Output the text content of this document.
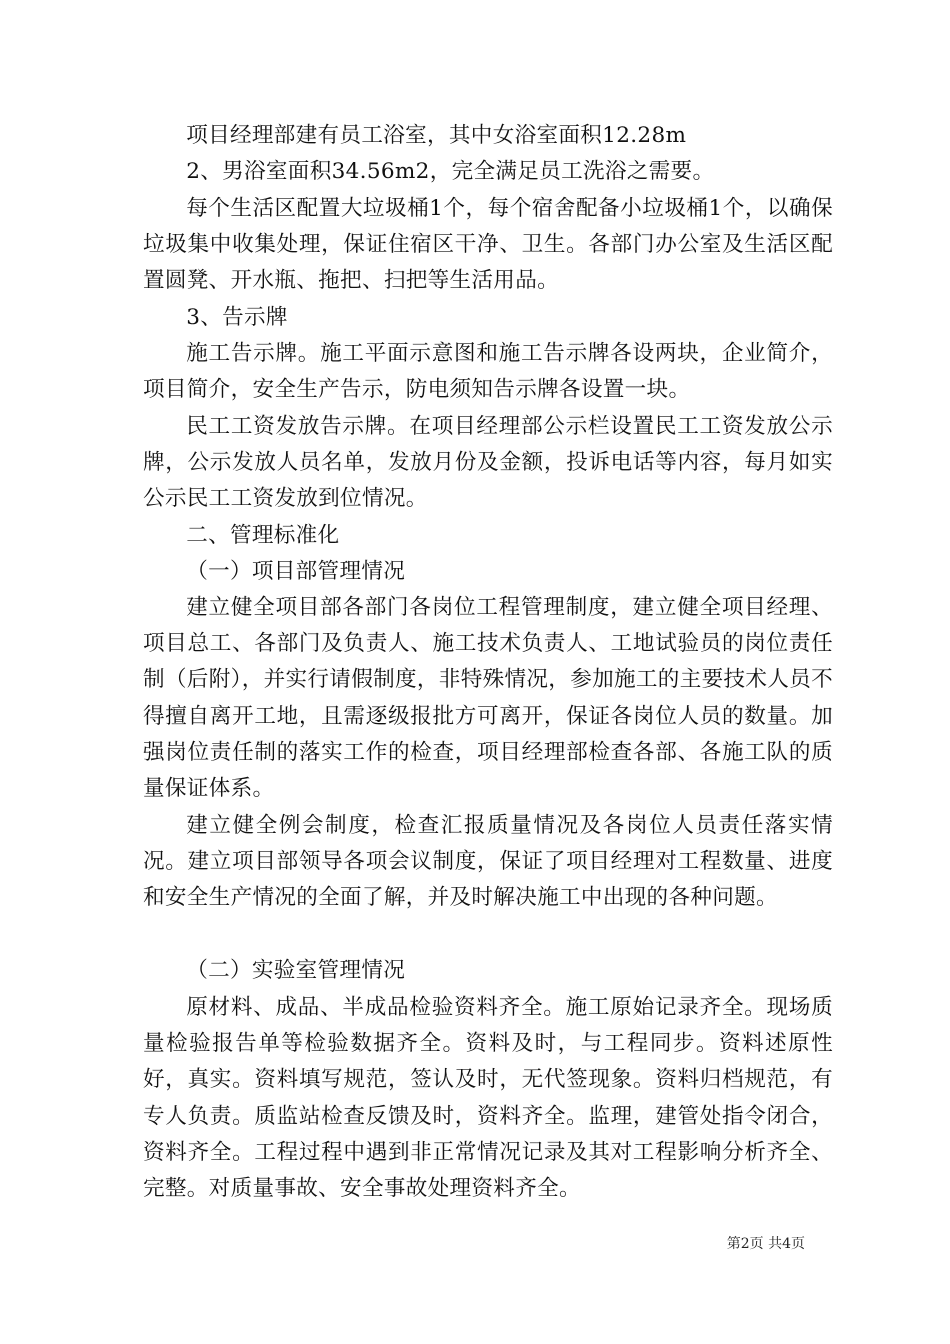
项目经理部建有员工浴室，其中女浴室面积12.28m

2、男浴室面积34.56m2，完全满足员工洗浴之需要。

每个生活区配置大垃圾桶1个，每个宿舍配备小垃圾桶1个，以确保垃圾集中收集处理，保证住宿区干净、卫生。各部门办公室及生活区配置圆凳、开水瓶、拖把、扫把等生活用品。

3、告示牌

施工告示牌。施工平面示意图和施工告示牌各设两块，企业简介，项目简介，安全生产告示，防电须知告示牌各设置一块。

民工工资发放告示牌。在项目经理部公示栏设置民工工资发放公示牌，公示发放人员名单，发放月份及金额，投诉电话等内容，每月如实公示民工工资发放到位情况。

二、管理标准化

（一）项目部管理情况

建立健全项目部各部门各岗位工程管理制度，建立健全项目经理、项目总工、各部门及负责人、施工技术负责人、工地试验员的岗位责任制（后附），并实行请假制度，非特殊情况，参加施工的主要技术人员不得擅自离开工地，且需逐级报批方可离开，保证各岗位人员的数量。加强岗位责任制的落实工作的检查，项目经理部检查各部、各施工队的质量保证体系。

建立健全例会制度，检查汇报质量情况及各岗位人员责任落实情况。建立项目部领导各项会议制度，保证了项目经理对工程数量、进度和安全生产情况的全面了解，并及时解决施工中出现的各种问题。

（二）实验室管理情况

原材料、成品、半成品检验资料齐全。施工原始记录齐全。现场质量检验报告单等检验数据齐全。资料及时，与工程同步。资料述原性好，真实。资料填写规范，签认及时，无代签现象。资料归档规范，有专人负责。质监站检查反馈及时，资料齐全。监理，建管处指令闭合，资料齐全。工程过程中遇到非正常情况记录及其对工程影响分析齐全、完整。对质量事故、安全事故处理资料齐全。

第2页 共4页
